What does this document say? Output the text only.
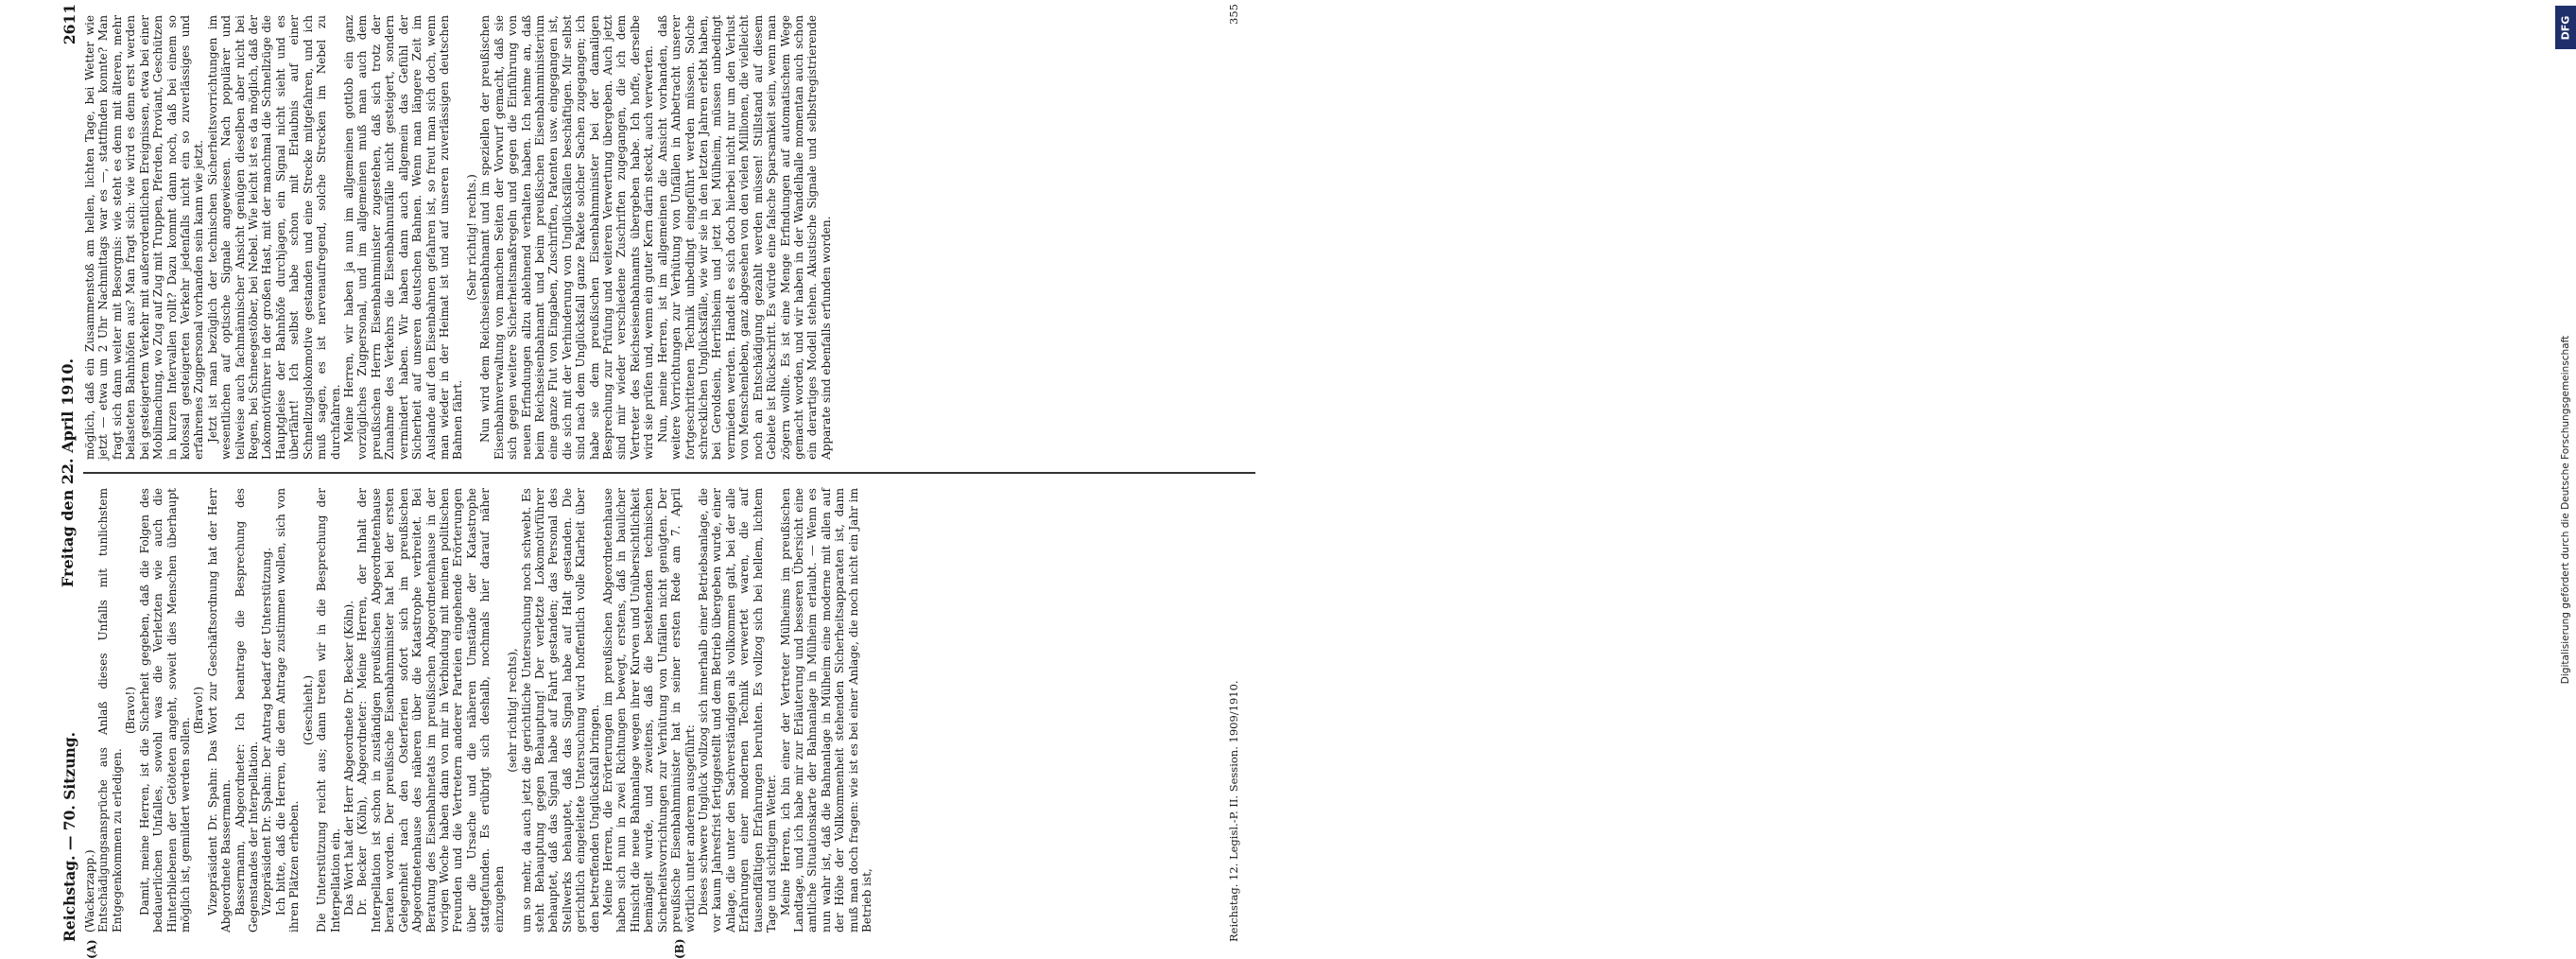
DFG
Digitalisierung gefördert durch die Deutsche Forschungsgemeinschaft
Reichstag. — 70. Sitzung.
Freitag den 22. April 1910.
2611
(A)	(B)

(Wackerzapp.) Entschädigungsansprüche aus Anlaß dieses Unfalls mit tunlichstem Entgegenkommen zu erledigen.

(Bravo!) Damit, meine Herren, ist die Sicherheit gegeben, daß die Folgen des bedauerlichen Unfalles, sowohl was die Verletzten wie auch die Hinterbliebenen der Getöteten angeht, soweit dies Menschen überhaupt möglich ist, gemildert werden sollen.

(Bravo!) Vizepräsident Dr. Spahn: Das Wort zur Geschäftsordnung hat der Herr Abgeordnete Bassermann. Bassermann, Abgeordneter: Ich beantrage die Besprechung des Gegenstandes der Interpellation. Vizepräsident Dr. Spahn: Der Antrag bedarf der Unterstützung. Ich bitte, daß die Herren, die dem Antrage zustimmen wollen, sich von ihren Plätzen erheben.

(Geschieht.) Die Unterstützung reicht aus; dann treten wir in die Besprechung der Interpellation ein. Das Wort hat der Herr Abgeordnete Dr. Becker (Köln). Dr. Becker (Köln), Abgeordneter: Meine Herren, der Inhalt der Interpellation ist schon in zuständigen preußischen Abgeordnetenhause beraten worden. Der preußische Eisenbahnminister hat bei der ersten Gelegenheit nach den Osterferien sofort sich im preußischen Abgeordnetenhause des näheren über die Katastrophe verbreitet. Bei Beratung des Eisenbahnetats im preußischen Abgeordnetenhause in der vorigen Woche haben dann von mir in Verbindung mit meinen politischen Freunden und die Vertretern anderer Parteien eingehende Erörterungen über die Ursache und die näheren Umstände der Katastrophe stattgefunden. Es erübrigt sich deshalb, nochmals hier darauf näher einzugehen

(sehr richtig! rechts), um so mehr, da auch jetzt die gerichtliche Untersuchung noch schwebt. Es steht Behauptung gegen Behauptung! Der verletzte Lokomotivführer behauptet, daß das Signal habe auf Fahrt gestanden; das Personal des Stellwerks behauptet, daß das Signal habe auf Halt gestanden. Die gerichtlich eingeleitete Untersuchung wird hoffentlich volle Klarheit über den betreffenden Unglücksfall bringen. Meine Herren, die Erörterungen im preußischen Abgeordnetenhause haben sich nun in zwei Richtungen bewegt, erstens, daß in baulicher Hinsicht die neue Bahnanlage wegen ihrer Kurven und Unübersichtlichkeit bemängelt wurde, und zweitens, daß die bestehenden technischen Sicherheitsvorrichtungen zur Verhütung von Unfällen nicht genügten. Der preußische Eisenbahnminister hat in seiner ersten Rede am 7. April wörtlich unter anderem ausgeführt: Dieses schwere Unglück vollzog sich innerhalb einer Betriebsanlage, die vor kaum Jahresfrist fertiggestellt und dem Betrieb übergeben wurde, einer Anlage, die unter den Sachverständigen als vollkommen galt, bei der alle Erfahrungen einer modernen Technik verwertet waren, die auf tausendfältigen Erfahrungen beruhten. Es vollzog sich bei hellem, lichtem Tage und sichtigem Wetter. Meine Herren, ich bin einer der Vertreter Mülheims im preußischen Landtage, und ich habe mir zur Erläuterung und besseren Übersicht eine amtliche Situationskarte der Bahnanlage in Mülheim erlaubt. — Wenn es nun wahr ist, daß die Bahnanlage in Mülheim eine moderne mit allen auf der Höhe der Vollkommenheit stehenden Sicherheitsapparaten ist, dann muß man doch fragen: wie ist es bei einer Anlage, die noch nicht ein Jahr im Betrieb ist,

möglich, daß ein Zusammenstoß am hellen, lichten Tage, bei Wetter wie jetzt — etwa um 2 Uhr Nachmittags war es —, stattfinden konnte? Man fragt sich dann weiter mit Besorgnis: wie steht es denn mit älteren, mehr belasteten Bahnhöfen aus? Man fragt sich: wie wird es denn erst werden bei gesteigertem Verkehr mit außerordentlichen Ereignissen, etwa bei einer Mobilmachung, wo Zug auf Zug mit Truppen, Pferden, Proviant, Geschützen in kurzen Intervallen rollt? Dazu kommt dann noch, daß bei einem so kolossal gesteigerten Verkehr jedenfalls nicht ein so zuverlässiges und erfahrenes Zugpersonal vorhanden sein kann wie jetzt. Jetzt ist man bezüglich der technischen Sicherheitsvorrichtungen im wesentlichen auf optische Signale angewiesen. Nach populärer und teilweise auch fachmännischer Ansicht genügen dieselben aber nicht bei Regen, bei Schneegestöber, bei Nebel. Wie leicht ist es da möglich, daß der Lokomotivführer in der großen Hast, mit der manchmal die Schnellzüge die Hauptgleise der Bahnhöfe durchjagen, ein Signal nicht sieht und es überfährt! Ich selbst habe schon mit Erlaubnis auf einer Schnellzugslokomotive gestanden und eine Strecke mitgefahren, und ich muß sagen, es ist nervenaufregend, solche Strecken im Nebel zu durchfahren. Meine Herren, wir haben ja nun im allgemeinen gottlob ein ganz vorzügliches Zugpersonal, und im allgemeinen muß man auch dem preußischen Herrn Eisenbahnminister zugestehen, daß sich trotz der Zunahme des Verkehrs die Eisenbahnunfälle nicht gesteigert, sondern vermindert haben. Wir haben dann auch allgemein das Gefühl der Sicherheit auf unseren deutschen Bahnen. Wenn man längere Zeit im Auslande auf den Eisenbahnen gefahren ist, so freut man sich doch, wenn man wieder in der Heimat ist und auf unseren zuverlässigen deutschen Bahnen fährt.

(Sehr richtig! rechts.) Nun wird dem Reichseisenbahnamt und im speziellen der preußischen Eisenbahnverwaltung von manchen Seiten der Vorwurf gemacht, daß sie sich gegen weitere Sicherheitsmaßregeln und gegen die Einführung von neuen Erfindungen allzu ablehnend verhalten haben. Ich nehme an, daß beim Reichseisenbahnamt und beim preußischen Eisenbahnministerium eine ganze Flut von Eingaben, Zuschriften, Patenten usw. eingegangen ist, die sich mit der Verhinderung von Unglücksfällen beschäftigen. Mir selbst sind nach dem Unglücksfall ganze Pakete solcher Sachen zugegangen; ich habe sie dem preußischen Eisenbahnminister bei der damaligen Besprechung zur Prüfung und weiteren Verwertung übergeben. Auch jetzt sind mir wieder verschiedene Zuschriften zugegangen, die ich dem Vertreter des Reichseisenbahnamts übergeben habe. Ich hoffe, derselbe wird sie prüfen und, wenn ein guter Kern darin steckt, auch verwerten. Nun, meine Herren, ist im allgemeinen die Ansicht vorhanden, daß weitere Vorrichtungen zur Verhütung von Unfällen in Anbetracht unserer fortgeschrittenen Technik unbedingt eingeführt werden müssen. Solche schrecklichen Unglücksfälle, wie wir sie in den letzten Jahren erlebt haben, bei Geroldsein, Herrlisheim und jetzt bei Mülheim, müssen unbedingt vermieden werden. Handelt es sich doch hierbei nicht nur um den Verlust von Menschenleben, ganz abgesehen von den vielen Millionen, die vielleicht noch an Entschädigung gezahlt werden müssen! Stillstand auf diesem Gebiete ist Rückschritt. Es würde eine falsche Sparsamkeit sein, wenn man zögern wollte. Es ist eine Menge Erfindungen auf automatischem Wege gemacht worden, und wir haben in der Wandelhalle momentan auch schon ein derartiges Modell stehen. Akustische Signale und selbstregistrierende Apparate sind ebenfalls erfunden worden.

Reichstag. 12. Legisl.-P. II. Session. 1909/1910.
355
